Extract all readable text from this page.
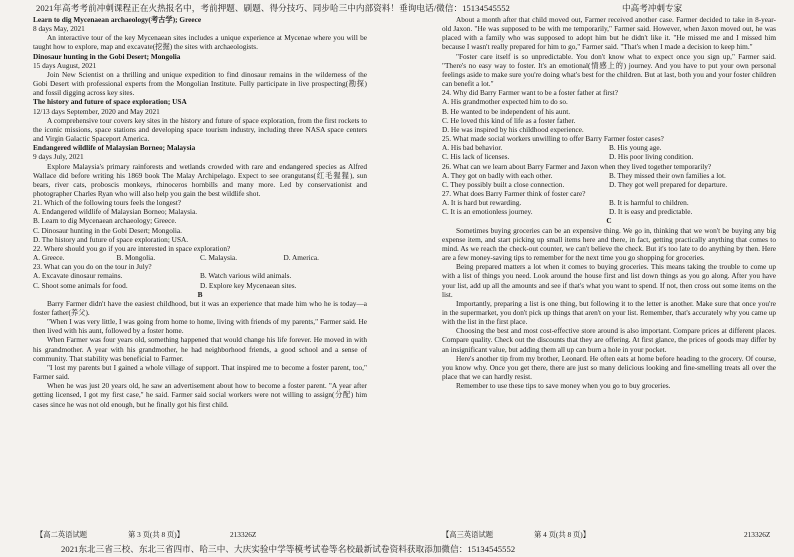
2021年高考考前冲刺课程正在火热报名中，考前押题、刷题、得分技巧、同步哈三中内部资料！垂询电话/微信：15134545552	中高考冲刺专家

Learn to dig Mycenaean archaeology(考古学); Greece

8 days May, 2021

An interactive tour of the key Mycenaean sites includes a unique experience at Mycenae where you will be taught how to explore, map and excavate(挖掘) the sites with archaeologists.

Dinosaur hunting in the Gobi Desert; Mongolia

15 days August, 2021

Join New Scientist on a thrilling and unique expedition to find dinosaur remains in the wilderness of the Gobi Desert with professional experts from the Mongolian Institute. Fully participate in live prospecting(勘探) and fossil digging across key sites.

The history and future of space exploration; USA

12/13 days September, 2020 and May 2021

A comprehensive tour covers key sites in the history and future of space exploration, from the first rockets to the iconic missions, space stations and developing space tourism industry, including three NASA space centers and Virgin Galactic Spaceport America.

Endangered wildlife of Malaysian Borneo; Malaysia

9 days July, 2021

Explore Malaysia's primary rainforests and wetlands crowded with rare and endangered species as Alfred Wallace did before writing his 1869 book The Malay Archipelago. Expect to see orangutans(红毛猩猩), sun bears, river cats, proboscis monkeys, rhinoceros hornbills and many more. Led by conservationist and photographer Charles Ryan who will also help you gain the best wildlife shot.

21. Which of the following tours feels the longest?

A. Endangered wildlife of Malaysian Borneo; Malaysia.

B. Learn to dig Mycenaean archaeology; Greece.

C. Dinosaur hunting in the Gobi Desert; Mongolia.

D. The history and future of space exploration; USA.

22. Where should you go if you are interested in space exploration?

A. Greece.	B. Mongolia.	C. Malaysia.	D. America.

23. What can you do on the tour in July?

A. Excavate dinosaur remains.	B. Watch various wild animals.

C. Shoot some animals for food.	D. Explore key Mycenaean sites.

B

Barry Farmer didn't have the easiest childhood, but it was an experience that made him who he is today—a foster father(养父).

"When I was very little, I was going from home to home, living with friends of my parents," Farmer said. He then lived with his aunt, followed by a foster home.

When Farmer was four years old, something happened that would change his life forever. He moved in with his grandmother. A year with his grandmother, he had neighborhood friends, a good school and a sense of community. That stability was beneficial to Farmer.

"I lost my parents but I gained a whole village of support. That inspired me to become a foster parent, too," Farmer said.

When he was just 20 years old, he saw an advertisement about how to become a foster parent. "A year after getting licensed, I got my first case," he said. Farmer said social workers were not willing to assign(分配) him cases since he was not old enough, but he finally got his first child.

About a month after that child moved out, Farmer received another case. Farmer decided to take in 8-year-old Jaxon. "He was supposed to be with me temporarily," Farmer said. However, when Jaxon moved out, he was placed with a family who was supposed to adopt him but he didn't like it. "He missed me and I missed him because I wasn't really prepared for him to go," Farmer said. "That's when I made a decision to keep him."

"Foster care itself is so unpredictable. You don't know what to expect once you sign up," Farmer said. "There's no easy way to foster. It's an emotional(情感上的) journey. And you have to put your own personal feelings aside to make sure you're doing what's best for the children. But at last, both you and your foster children can benefit a lot."

24. Why did Barry Farmer want to be a foster father at first?

A. His grandmother expected him to do so.

B. He wanted to be independent of his aunt.

C. He loved this kind of life as a foster father.

D. He was inspired by his childhood experience.

25. What made social workers unwilling to offer Barry Farmer foster cases?

A. His bad behavior.	B. His young age.

C. His lack of licenses.	D. His poor living condition.

26. What can we learn about Barry Farmer and Jaxon when they lived together temporarily?

A. They got on badly with each other.	B. They missed their own families a lot.

C. They possibly built a close connection.	D. They got well prepared for departure.

27. What does Barry Farmer think of foster care?

A. It is hard but rewarding.	B. It is harmful to children.

C. It is an emotionless journey.	D. It is easy and predictable.

C

Sometimes buying groceries can be an expensive thing. We go in, thinking that we won't be buying any big expense item, and start picking up small items here and there, in fact, getting practically anything that comes to mind. As we reach the check-out counter, we can't believe the check. But it's too late to do anything by then. Here are a few money-saving tips to remember for the next time you go shopping for groceries.

Being prepared matters a lot when it comes to buying groceries. This means taking the trouble to come up with a list of things you need. Look around the house first and list down things as you go along. After you have your list, add up all the amounts and see if that's what you want to spend. If not, then cross out some items on the list.

Importantly, preparing a list is one thing, but following it to the letter is another. Make sure that once you're in the supermarket, you don't pick up things that aren't on your list. Remember, that's accurately why you came up with the list in the first place.

Choosing the best and most cost-effective store around is also important. Compare prices at different places. Compare quality. Check out the discounts that they are offering. At first glance, the prices of goods may differ by an insignificant value, but adding them all up can burn a hole in your pocket.

Here's another tip from my brother, Leonard. He often eats at home before heading to the grocery. Of course, you know why. Once you get there, there are just so many delicious looking and fine-smelling treats all over the place that we can hardly resist.

Remember to use these tips to save money when you go to buy groceries.

【高二英语试题	第 3 页(共 8 页)】	213326Z	【高三英语试题	第 4 页(共 8 页)】	213326Z
2021东北三省三校、东北三省四市、哈三中、大庆实验中学等模考试卷等名校最新试卷资料获取添加微信：15134545552
